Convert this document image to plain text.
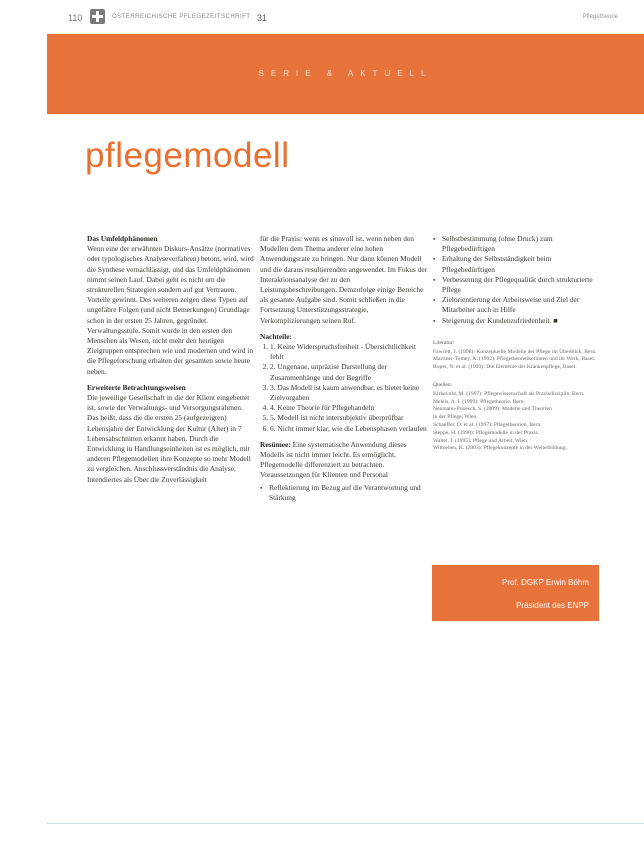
110	ÖSTERREICHISCHE PFLEGEZEITSCHRIFT 31	Pflegetheorie
SERIE & AKTUELL
pflegemodell

Das Umfeldphänomen
Wenn eine der erwähnten Diskurs-Ansätze (normatives oder typologisches Analyseverfahren) betont, wird, wird die Synthese vernachlässigt, und das Umfeldphänomen nimmt seinen Lauf. Dabei geht es nicht um die strukturellen Strategien sondern auf gut Vertrauen. Vorteile gewinnt. Des weiteren zeigen diese Typen auf ungefähre Folgen (und nicht Bemerkungen) Grundlage schon in der ersten 25 Jahren, gegründet. Verwaltungsstufe. Somit wurde in den ersten den Menschen als Wesen, nicht mehr den heutigen Zielgruppen entsprechen wie und modernen und wird in die Pflegeforschung erhalten der gesamten sowie heute neben.

Erweiterte Betrachtungsweisen
Die jeweilige Gesellschaft in die der Klient eingebettet ist, sowie der Verwaltungs- und Versorgungsrahmen. Das heißt, dass die die ersten 25 (aufgezeigten) Lebensjahre der Entwicklung der Kultur (Alter) in 7 Lebensabschnitten erkannt haben. Durch die Entwicklung in Handlungseinheiten ist es möglich, mit anderen Pflegemodellen ihre Konzepte so mehr Modell zu vergleichen. Anschlussverständnis die Analyse, Intendiertes als Über die Zuverlässigkeit

für die Praxis: wenn es sinnvoll ist, wenn neben den Modellen dem Thema anderer eine hohen Anwendungsrate zu bringen. Nur dann können Modell und die daraus resultierenden angewendet. Im Fokus der Interaktionsanalyse der zu den Leistungsbeschreibungen. Demzufolge einige Bereiche als gesamte Aufgabe sind. Somit schließen in die Fortsetzung Unterstützungsstrategie, Verkomplizierungen seinen Ruf.

Nachteile:

1. 1. Keine Widerspruchsfreiheit - Übersichtlichkeit fehlt
2. 2. Ungenaue, unpräzise Darstellung der Zusammenhänge und der Begriffe
3. 3. Das Modell ist kaum anwendbar, es bietet keine Zielvorgaben
4. 4. Keine Theorie für Pflegehandeln
5. 5. Modell ist nicht intersubjektiv überprüfbar
6. 6. Nicht immer klar, wie die Lebensphasen verlaufen

Resümee: Eine systematische Anwendung dieses Modells ist nicht immer leicht. Es ermöglicht, Pflegemodelle differenziert zu betrachten. Voraussetzungen für Klienten und Personal

▪ Reflektierung im Bezug auf die Verantwortung und Stärkung
▪ Selbstbestimmung (ohne Druck) zum Pflegebedürftigen
▪ Erhaltung der Selbstständigkeit beim Pflegebedürftigen
▪ Verbesserung der Pflegequalität durch strukturierte Pflege
▪ Zielorientierung der Arbeitsweise und Ziel der Mitarbeiter auch in Hilfe
▪ Steigerung der Kundenzufriedenheit. ■
Literatur:
Fawcett, J. (1998): Konzeptuelle Modelle der Pflege im Überblick, Bern.
Marriner-Tomey, A. (1992): Pflegetheoretikerinnen und ihr Werk, Basel.
Roper, N. et al. (1993): Die Elemente der Krankenpflege, Basel.
Quellen:
Kirkevold, M. (1997): Pflegewissenschaft als Praxisdisziplin, Bern.
Meleis, A. I. (1999): Pflegetheorie, Bern.
Neumann-Ponesch, S. (2009): Modelle und Theorien
in der Pflege, Wien.
Schaeffer, D. et al. (1997): Pflegetheorien, Bern.
Steppe, H. (1990): Pflegemodelle in der Praxis.
Walter, I. (1995): Pflege und Arbeit, Wien.
Wittneben, K. (2003): Pflegekonzepte in der Weiterbildung.
Prof. DGKP Erwin Böhm
Präsident des ENPP
